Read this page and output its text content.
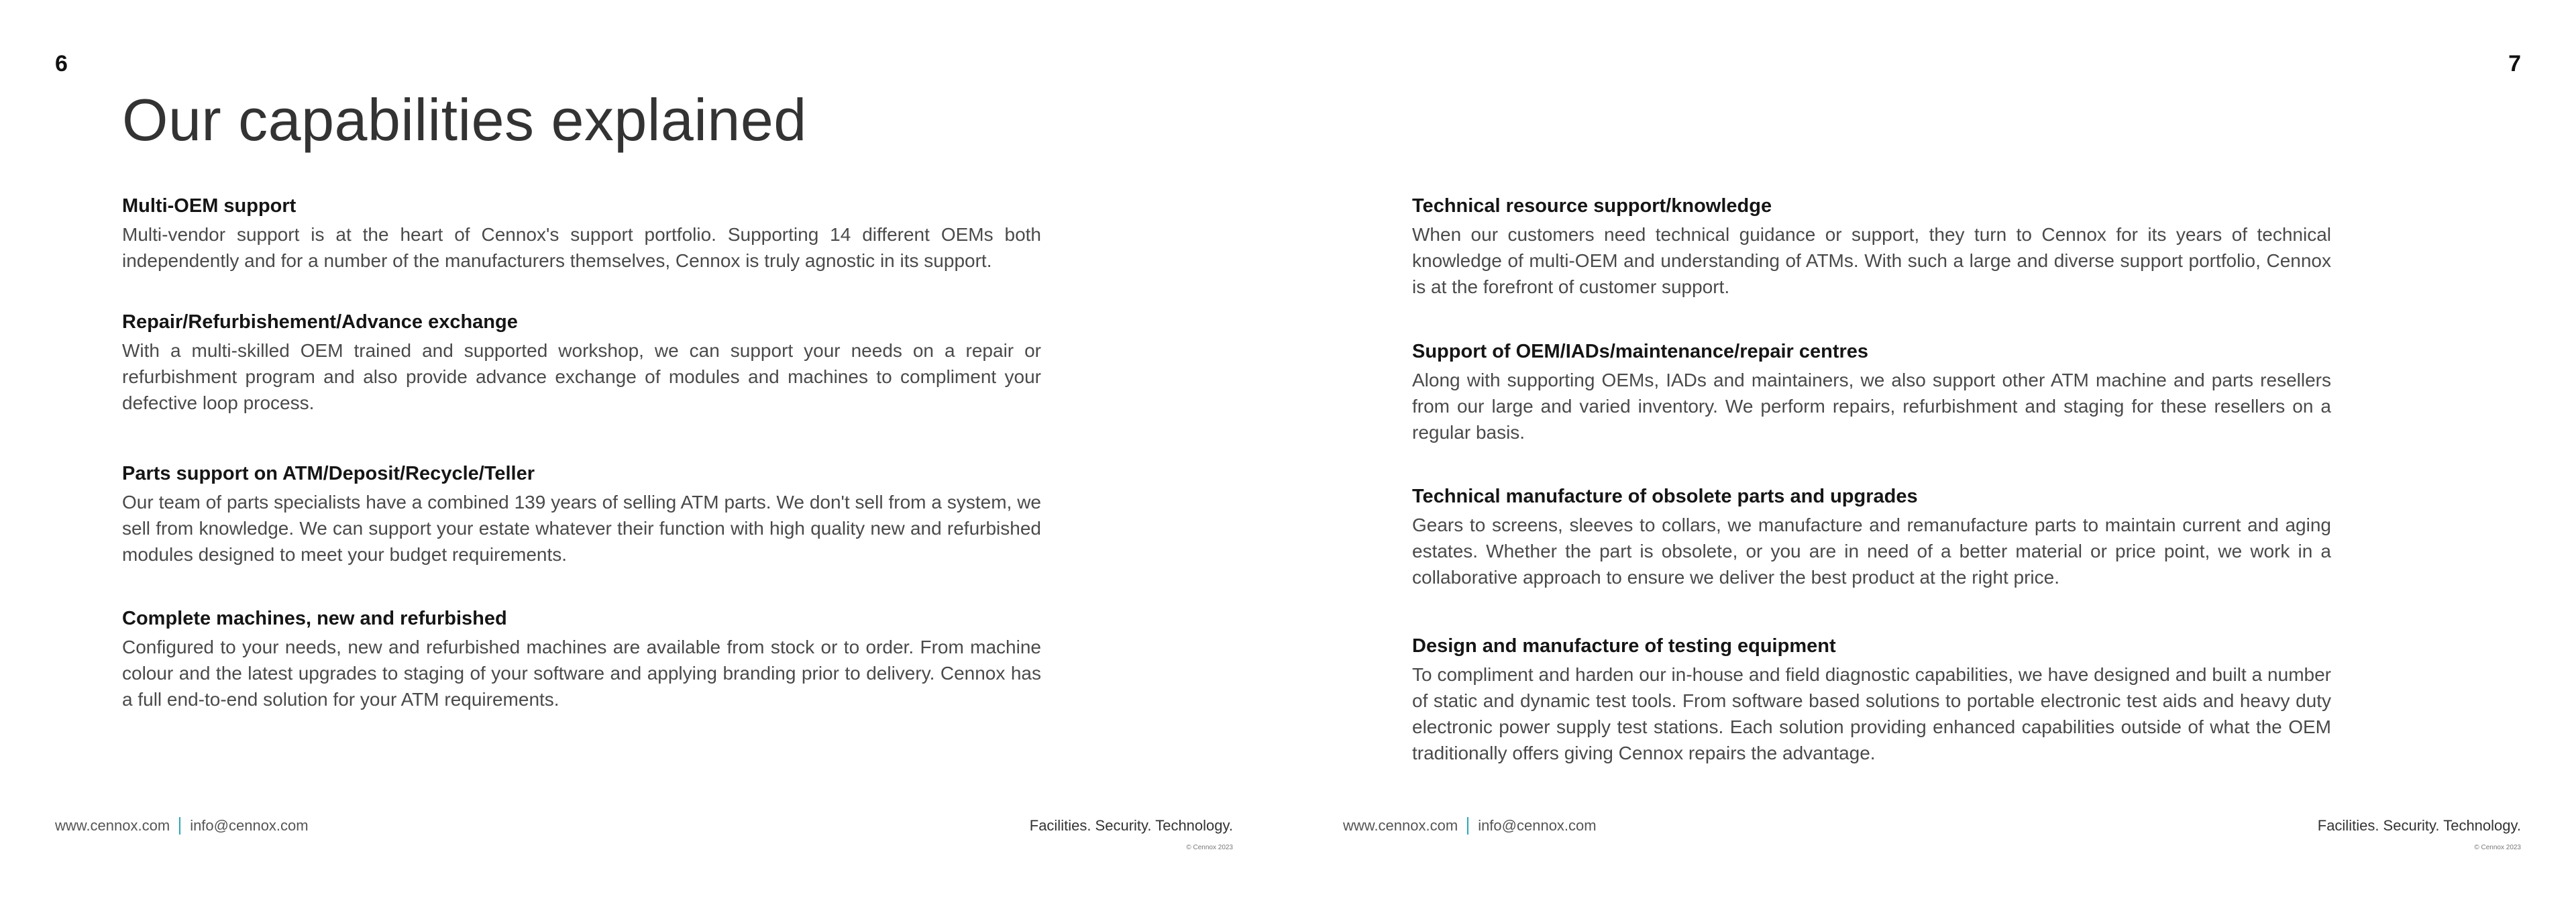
6
Our capabilities explained
Multi-OEM support

Multi-vendor support is at the heart of Cennox's support portfolio. Supporting 14 different OEMs both independently and for a number of the manufacturers themselves, Cennox is truly agnostic in its support.

Repair/Refurbishement/Advance exchange

With a multi-skilled OEM trained and supported workshop, we can support your needs on a repair or refurbishment program and also provide advance exchange of modules and machines to compliment your defective loop process.

Parts support on ATM/Deposit/Recycle/Teller

Our team of parts specialists have a combined 139 years of selling ATM parts. We don't sell from a system, we sell from knowledge. We can support your estate whatever their function with high quality new and refurbished modules designed to meet your budget requirements.

Complete machines, new and refurbished

Configured to your needs, new and refurbished machines are available from stock or to order. From machine colour and the latest upgrades to staging of your software and applying branding prior to delivery. Cennox has a full end-to-end solution for your ATM requirements.

www.cennox.com info@cennox.com	Facilities. Security. Technology.
© Cennox 2023
7
Technical resource support/knowledge

When our customers need technical guidance or support, they turn to Cennox for its years of technical knowledge of multi-OEM and understanding of ATMs. With such a large and diverse support portfolio, Cennox is at the forefront of customer support.

Support of OEM/IADs/maintenance/repair centres

Along with supporting OEMs, IADs and maintainers, we also support other ATM machine and parts resellers from our large and varied inventory. We perform repairs, refurbishment and staging for these resellers on a regular basis.

Technical manufacture of obsolete parts and upgrades

Gears to screens, sleeves to collars, we manufacture and remanufacture parts to maintain current and aging estates. Whether the part is obsolete, or you are in need of a better material or price point, we work in a collaborative approach to ensure we deliver the best product at the right price.

Design and manufacture of testing equipment

To compliment and harden our in-house and field diagnostic capabilities, we have designed and built a number of static and dynamic test tools. From software based solutions to portable electronic test aids and heavy duty electronic power supply test stations. Each solution providing enhanced capabilities outside of what the OEM traditionally offers giving Cennox repairs the advantage.

www.cennox.com info@cennox.com	Facilities. Security. Technology.
© Cennox 2023
